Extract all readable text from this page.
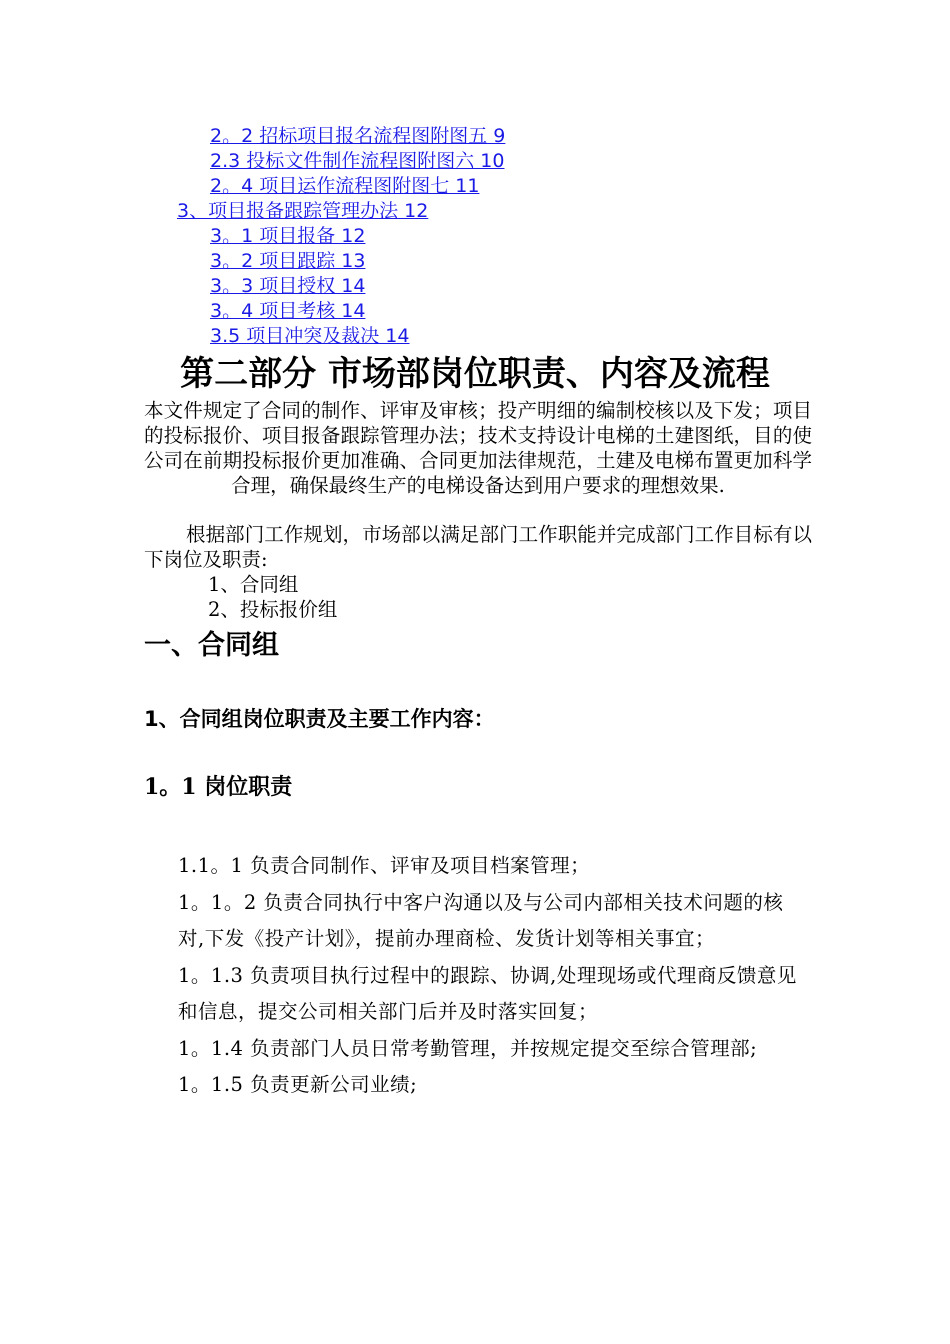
2。2 招标项目报名流程图附图五 9
2.3 投标文件制作流程图附图六 10
2。4 项目运作流程图附图七 11
3、项目报备跟踪管理办法 12
3。1 项目报备 12
3。2 项目跟踪 13
3。3 项目授权 14
3。4 项目考核 14
3.5 项目冲突及裁决 14
第二部分 市场部岗位职责、内容及流程
本文件规定了合同的制作、评审及审核；投产明细的编制校核以及下发；项目的投标报价、项目报备跟踪管理办法；技术支持设计电梯的土建图纸，目的使公司在前期投标报价更加准确、合同更加法律规范，土建及电梯布置更加科学合理，确保最终生产的电梯设备达到用户要求的理想效果.
根据部门工作规划，市场部以满足部门工作职能并完成部门工作目标有以下岗位及职责:
1、合同组
2、投标报价组
一、合同组
1、合同组岗位职责及主要工作内容：
1。1 岗位职责
1.1。1 负责合同制作、评审及项目档案管理；
1。1。2 负责合同执行中客户沟通以及与公司内部相关技术问题的核对,下发《投产计划》，提前办理商检、发货计划等相关事宜；
1。1.3 负责项目执行过程中的跟踪、协调,处理现场或代理商反馈意见和信息，提交公司相关部门后并及时落实回复；
1。1.4 负责部门人员日常考勤管理，并按规定提交至综合管理部;
1。1.5 负责更新公司业绩;
